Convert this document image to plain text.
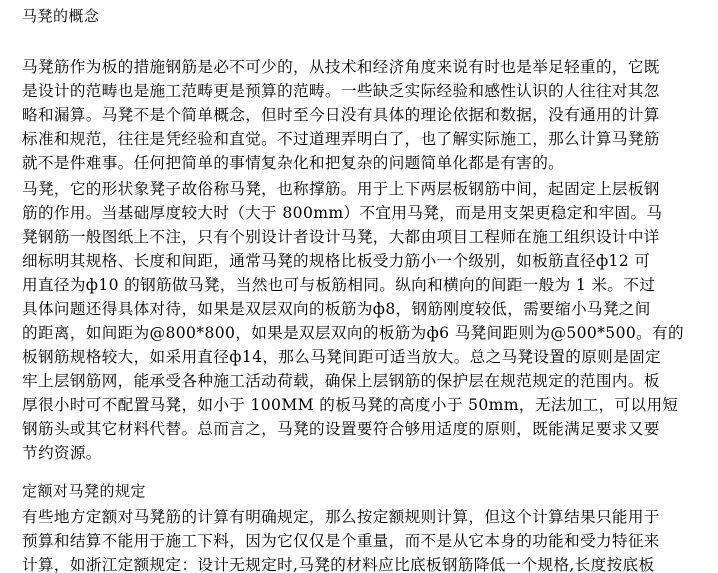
马凳的概念
马凳筋作为板的措施钢筋是必不可少的，从技术和经济角度来说有时也是举足轻重的，它既
是设计的范畴也是施工范畴更是预算的范畴。一些缺乏实际经验和感性认识的人往往对其忽
略和漏算。马凳不是个简单概念，但时至今日没有具体的理论依据和数据，没有通用的计算
标准和规范，往往是凭经验和直觉。不过道理弄明白了，也了解实际施工，那么计算马凳筋
就不是件难事。任何把简单的事情复杂化和把复杂的问题简单化都是有害的。
马凳，它的形状象凳子故俗称马凳，也称撑筋。用于上下两层板钢筋中间，起固定上层板钢
筋的作用。当基础厚度较大时（大于 800mm）不宜用马凳，而是用支架更稳定和牢固。马
凳钢筋一般图纸上不注，只有个别设计者设计马凳，大都由项目工程师在施工组织设计中详
细标明其规格、长度和间距，通常马凳的规格比板受力筋小一个级别，如板筋直径ф12 可
用直径为ф10 的钢筋做马凳，当然也可与板筋相同。纵向和横向的间距一般为 1 米。不过
具体问题还得具体对待，如果是双层双向的板筋为ф8，钢筋刚度较低，需要缩小马凳之间
的距离，如间距为@800*800，如果是双层双向的板筋为ф6 马凳间距则为@500*500。有的
板钢筋规格较大，如采用直径ф14，那么马凳间距可适当放大。总之马凳设置的原则是固定
牢上层钢筋网，能承受各种施工活动荷载，确保上层钢筋的保护层在规范规定的范围内。板
厚很小时可不配置马凳，如小于 100MM 的板马凳的高度小于 50mm，无法加工，可以用短
钢筋头或其它材料代替。总而言之，马凳的设置要符合够用适度的原则，既能满足要求又要
节约资源。
定额对马凳的规定
有些地方定额对马凳筋的计算有明确规定，那么按定额规则计算，但这个计算结果只能用于
预算和结算不能用于施工下料，因为它仅仅是个重量，而不是从它本身的功能和受力特征来
计算，如浙江定额规定：设计无规定时,马凳的材料应比底板钢筋降低一个规格,长度按底板
